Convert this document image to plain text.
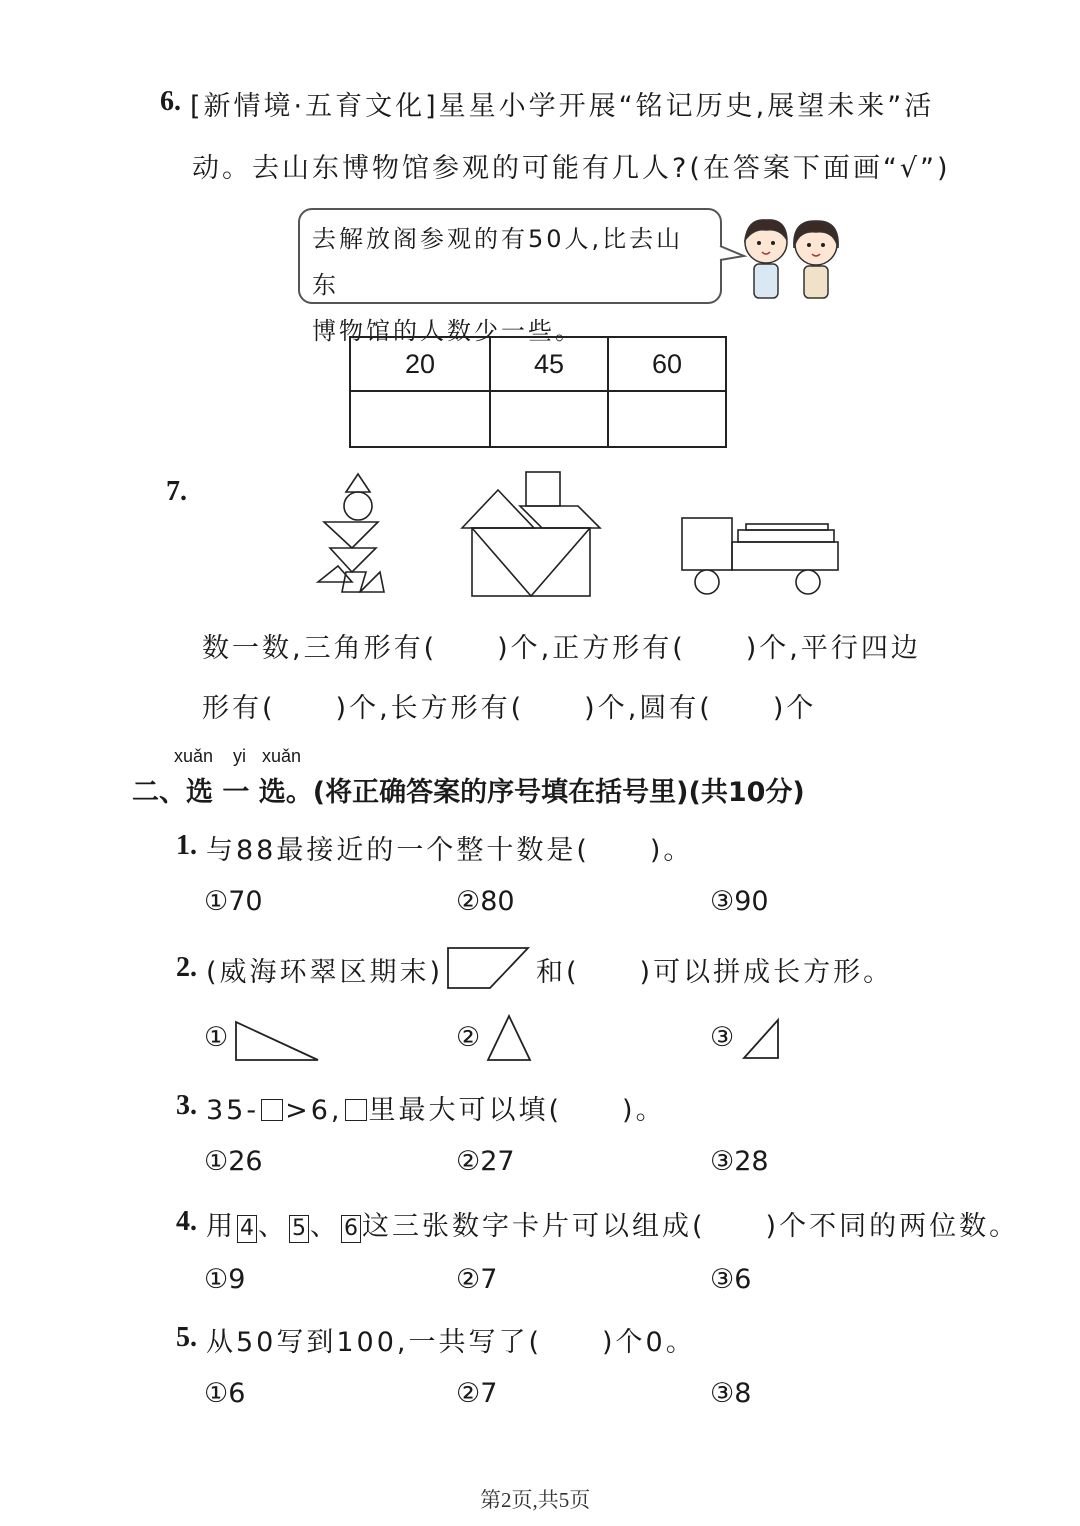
6. [新情境·五育文化]星星小学开展“铭记历史,展望未来”活
动。去山东博物馆参观的可能有几人?(在答案下面画“√”)
去解放阁参观的有50人,比去山东
博物馆的人数少一些。
20	45	60

7.
数一数,三角形有(　　)个,正方形有(　　)个,平行四边
形有(　　)个,长方形有(　　)个,圆有(　　)个
xuǎn yi xuǎn
二、选 一 选。(将正确答案的序号填在括号里)(共10分)
1. 与88最接近的一个整十数是(　　)。
①70	②80	③90
2. (威海环翠区期末)	和(　　)可以拼成长方形。
①	②	③
3. 35- >6, 里最大可以填(　　)。
①26	②27	③28
4. 用 4 、 5 、 6 这三张数字卡片可以组成(　　)个不同的两位数。
①9	②7	③6
5. 从50写到100,一共写了(　　)个0。
①6	②7	③8
第2页,共5页
